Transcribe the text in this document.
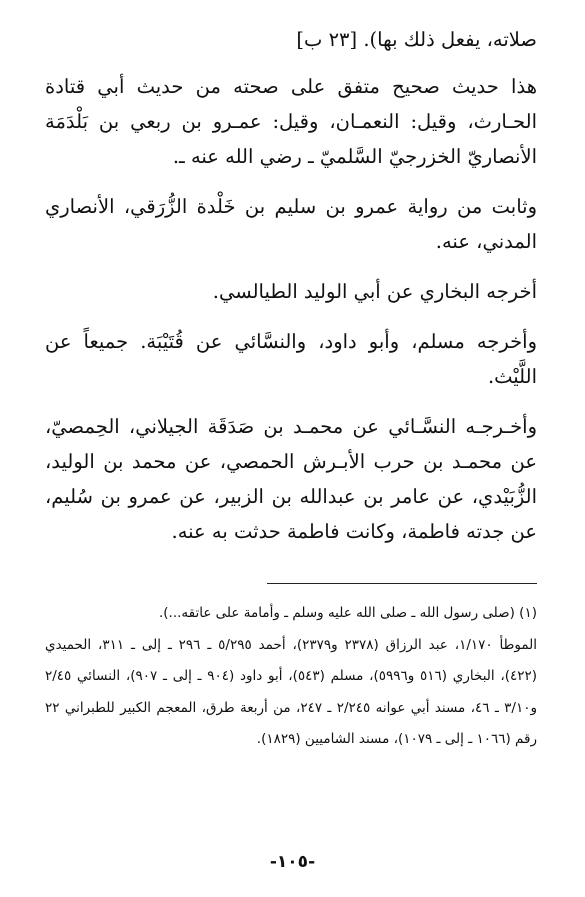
صلاته، يفعل ذلك بها). [٢٣ ب]

هذا حديث صحيح متفق على صحته من حديث أبي قتادة الحـارث، وقيل: النعمـان، وقيل: عمـرو بن ربعي بن بَلْدَمَة الأنصاريّ الخزرجيّ السَّلميّ ـ رضي الله عنه ـ.

وثابت من رواية عمرو بن سليم بن خَلْدة الزُّرَقي، الأنصاري المدني، عنه.

أخرجه البخاري عن أبي الوليد الطيالسي.

وأخرجه مسلم، وأبو داود، والنسَّائي عن قُتَيْبَة. جميعاً عن اللَّيْث.

وأخـرجـه النسَّـائي عن محمـد بن صَدَقَة الجيلاني، الحِمصيّ، عن محمـد بن حرب الأبـرش الحمصي، عن محمد بن الوليد، الزُّبَيْدي، عن عامر بن عبدالله بن الزبير، عن عمرو بن سُليم، عن جدته فاطمة، وكانت فاطمة حدثت به عنه.

(١) (صلى رسول الله ـ صلى الله عليه وسلم ـ وأمامة على عاتقه...).

الموطأ ١/١٧٠، عبد الرزاق (٢٣٧٨ و٢٣٧٩)، أحمد ٥/٢٩٥ ـ ٢٩٦ ـ إلى ـ ٣١١، الحميدي (٤٢٢)، البخاري (٥١٦ و٥٩٩٦)، مسلم (٥٤٣)، أبو داود (٩٠٤ ـ إلى ـ ٩٠٧)، النسائي ٢/٤٥ و٣/١٠ ـ ٤٦، مسند أبي عوانه ٢/٢٤٥ ـ ٢٤٧، من أربعة طرق، المعجم الكبير للطبراني ٢٢ رقم (١٠٦٦ ـ إلى ـ ١٠٧٩)، مسند الشاميين (١٨٢٩).

-١٠٥-
